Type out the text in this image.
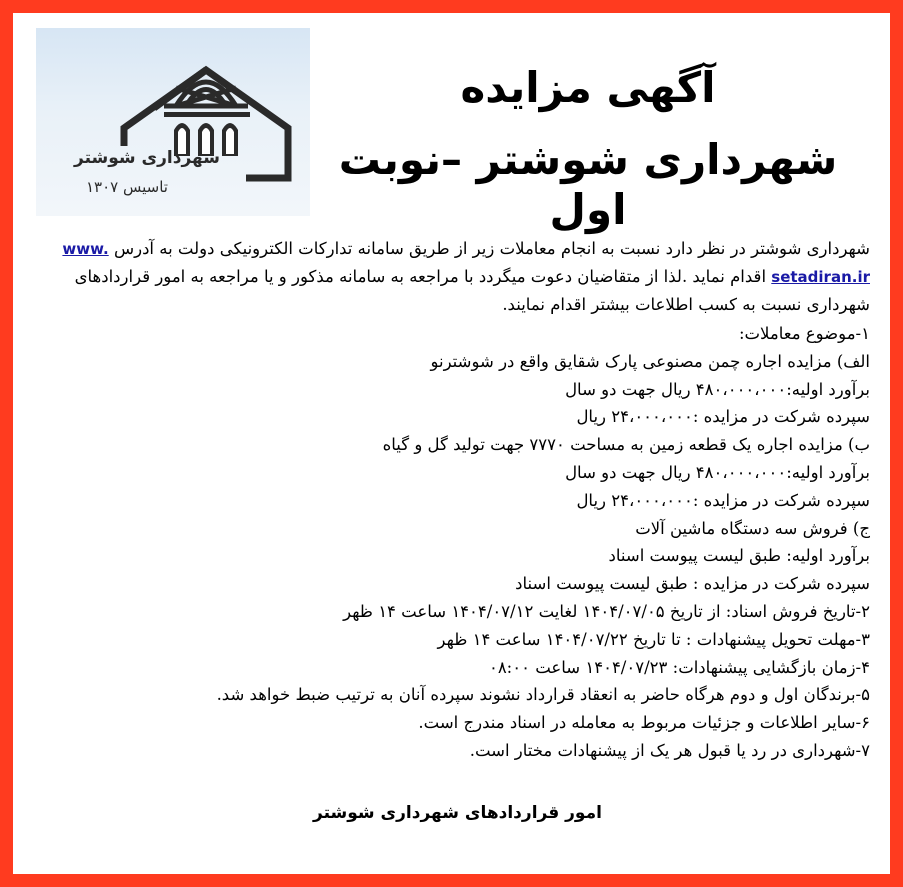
شهرداری شوشتر
تاسیس ۱۳۰۷
آگهی مزایده
شهرداری شوشتر –نوبت اول

شهرداری شوشتر در نظر دارد نسبت به انجام معاملات زیر از طریق سامانه تدارکات الکترونیکی دولت به آدرس www. setadiran.ir اقدام نماید .لذا از متقاضیان دعوت میگردد با مراجعه به سامانه مذکور و یا مراجعه به امور قراردادهای شهرداری نسبت به کسب اطلاعات بیشتر اقدام نمایند.

۱-موضوع معاملات:
الف) مزایده اجاره چمن مصنوعی پارک شقایق واقع در شوشترنو
برآورد اولیه:۴۸۰،۰۰۰،۰۰۰ ریال جهت دو سال
سپرده شرکت در مزایده :۲۴،۰۰۰،۰۰۰ ریال
ب) مزایده اجاره یک قطعه زمین به مساحت ۷۷۷۰ جهت تولید گل و گیاه
برآورد اولیه:۴۸۰،۰۰۰،۰۰۰ ریال جهت دو سال
سپرده شرکت در مزایده :۲۴،۰۰۰،۰۰۰ ریال
ج) فروش سه دستگاه ماشین آلات
برآورد اولیه: طبق لیست پیوست اسناد
سپرده شرکت در مزایده : طبق لیست پیوست اسناد
۲-تاریخ فروش اسناد: از تاریخ ۱۴۰۴/۰۷/۰۵ لغایت ۱۴۰۴/۰۷/۱۲ ساعت ۱۴ ظهر
۳-مهلت تحویل پیشنهادات : تا تاریخ ۱۴۰۴/۰۷/۲۲ ساعت ۱۴ ظهر
۴-زمان بازگشایی پیشنهادات: ۱۴۰۴/۰۷/۲۳ ساعت ۰۸:۰۰
۵-برندگان اول و دوم هرگاه حاضر به انعقاد قرارداد نشوند سپرده آنان به ترتیب ضبط خواهد شد.
۶-سایر اطلاعات و جزئیات مربوط به معامله در اسناد مندرج است.
۷-شهرداری در رد یا قبول هر یک از پیشنهادات مختار است.
امور قراردادهای شهرداری شوشتر
